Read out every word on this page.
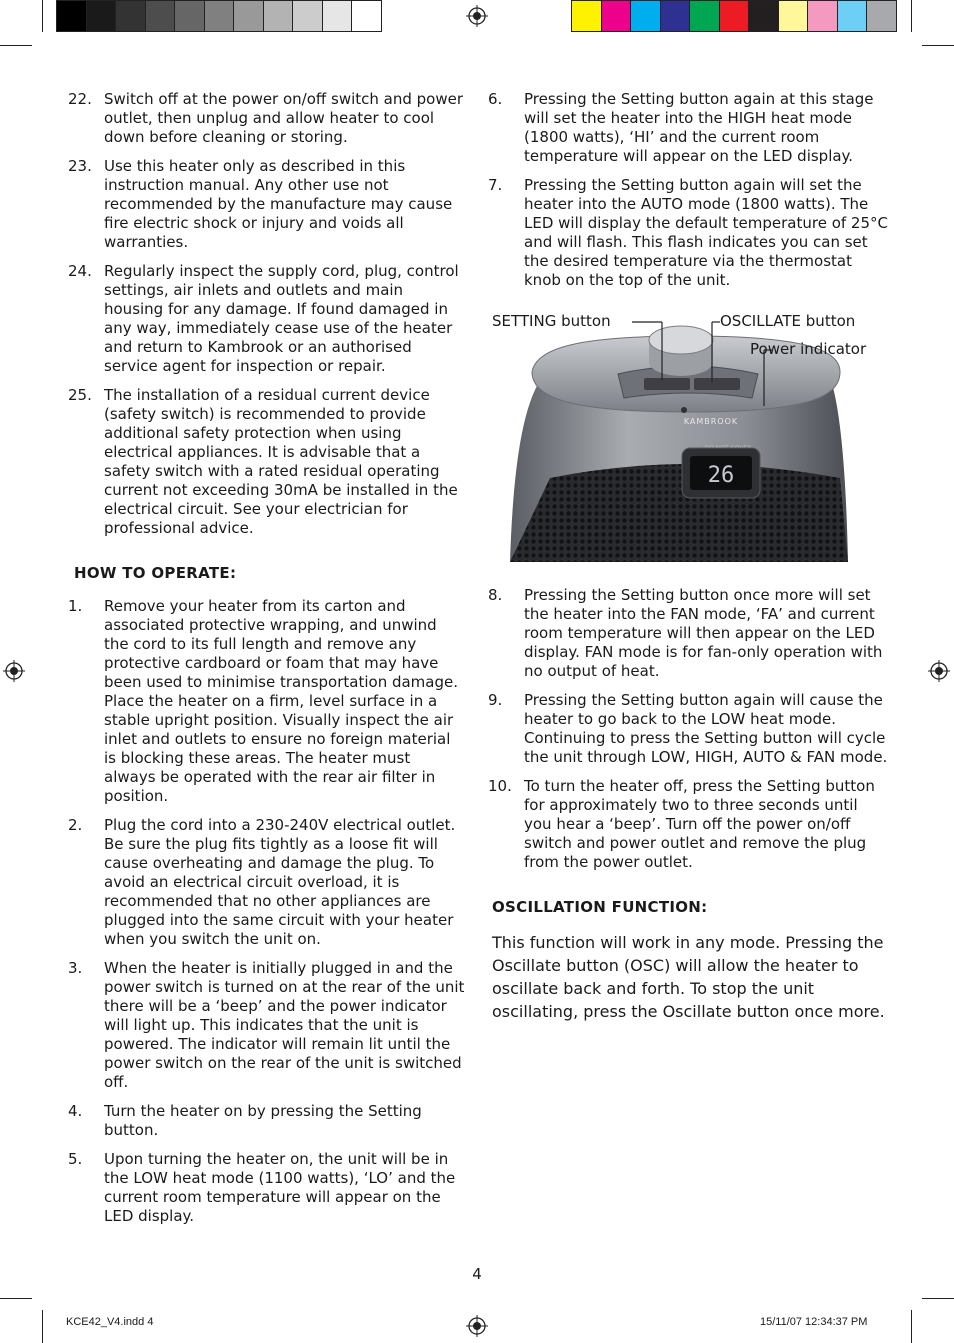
22. Switch off at the power on/off switch and power outlet, then unplug and allow heater to cool down before cleaning or storing.
23. Use this heater only as described in this instruction manual. Any other use not recommended by the manufacture may cause fire electric shock or injury and voids all warranties.
24. Regularly inspect the supply cord, plug, control settings, air inlets and outlets and main housing for any damage. If found damaged in any way, immediately cease use of the heater and return to Kambrook or an authorised service agent for inspection or repair.
25. The installation of a residual current device (safety switch) is recommended to provide additional safety protection when using electrical appliances. It is advisable that a safety switch with a rated residual operating current not exceeding 30mA be installed in the electrical circuit. See your electrician for professional advice.
HOW TO OPERATE:
1.	Remove your heater from its carton and associated protective wrapping, and unwind the cord to its full length and remove any protective cardboard or foam that may have been used to minimise transportation damage. Place the heater on a firm, level surface in a stable upright position. Visually inspect the air inlet and outlets to ensure no foreign material is blocking these areas. The heater must always be operated with the rear air filter in position.
2.	Plug the cord into a 230-240V electrical outlet. Be sure the plug fits tightly as a loose fit will cause overheating and damage the plug. To avoid an electrical circuit overload, it is recommended that no other appliances are plugged into the same circuit with your heater when you switch the unit on.
3.	When the heater is initially plugged in and the power switch is turned on at the rear of the unit there will be a ‘beep’ and the power indicator will light up. This indicates that the unit is powered. The indicator will remain lit until the power switch on the rear of the unit is switched off.
4.	Turn the heater on by pressing the Setting button.
5.	Upon turning the heater on, the unit will be in the LOW heat mode (1100 watts), ‘LO’ and the current room temperature will appear on the LED display.
6.	Pressing the Setting button again at this stage will set the heater into the HIGH heat mode (1800 watts), ‘HI’ and the current room temperature will appear on the LED display.
7.	Pressing the Setting button again will set the heater into the AUTO mode (1800 watts). The LED will display the default temperature of 25°C and will flash. This flash indicates you can set the desired temperature via the thermostat knob on the top of the unit.
KAMBROOK
26
SETTING button	OSCILLATE button
Power indicator
8.	Pressing the Setting button once more will set the heater into the FAN mode, ‘FA’ and current room temperature will then appear on the LED display. FAN mode is for fan-only operation with no output of heat.
9.	Pressing the Setting button again will cause the heater to go back to the LOW heat mode. Continuing to press the Setting button will cycle the unit through LOW, HIGH, AUTO & FAN mode.
10. To turn the heater off, press the Setting button for approximately two to three seconds until you hear a ‘beep’. Turn off the power on/off switch and power outlet and remove the plug from the power outlet.
OSCILLATION FUNCTION:
This function will work in any mode. Pressing the Oscillate button (OSC) will allow the heater to oscillate back and forth. To stop the unit oscillating, press the Oscillate button once more.
4
KCE42_V4.indd 4	15/11/07 12:34:37 PM
